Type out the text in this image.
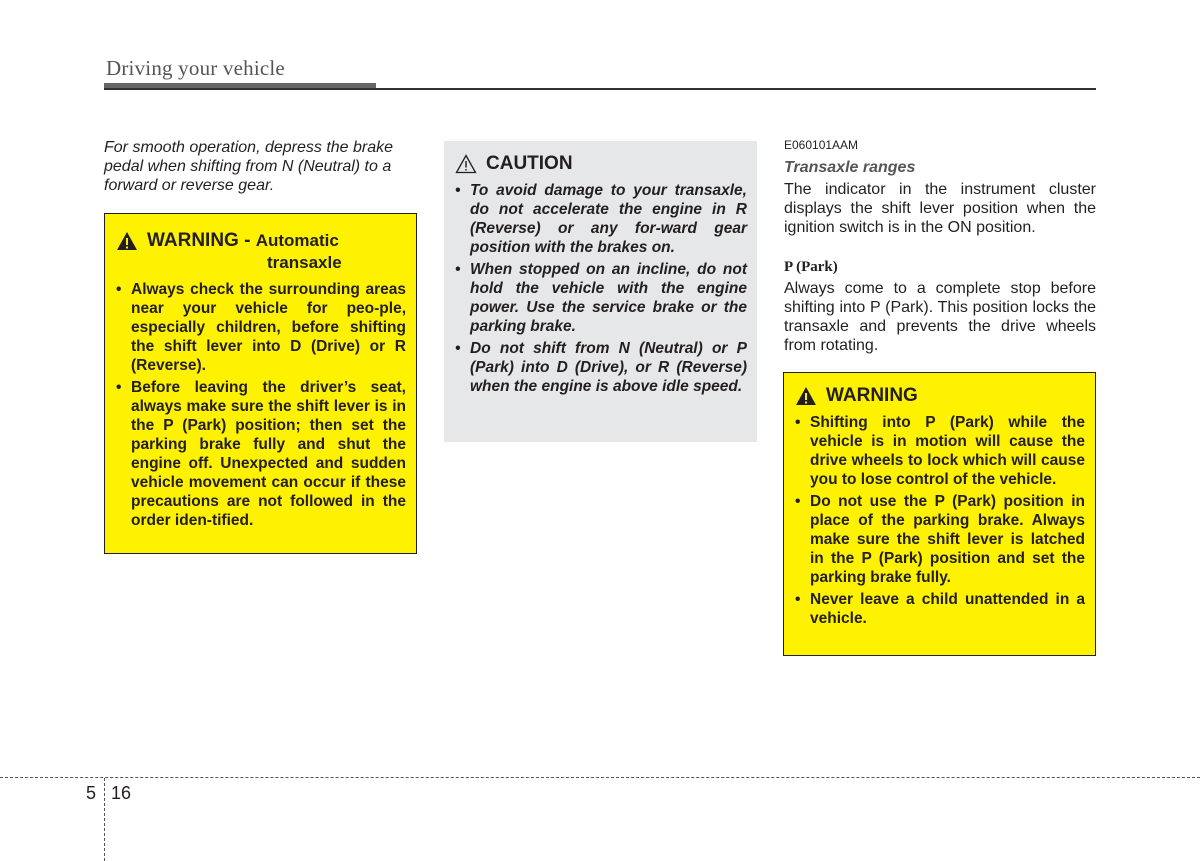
Driving your vehicle

For smooth operation, depress the brake pedal when shifting from N (Neutral) to a forward or reverse gear.

WARNING - Automatic
transaxle
• Always check the surrounding areas near your vehicle for peo-ple, especially children, before shifting the shift lever into D (Drive) or R (Reverse).
• Before leaving the driver’s seat, always make sure the shift lever is in the P (Park) position; then set the parking brake fully and shut the engine off. Unexpected and sudden vehicle movement can occur if these precautions are not followed in the order iden-tified.
CAUTION
• To avoid damage to your transaxle, do not accelerate the engine in R (Reverse) or any for-ward gear position with the brakes on.
• When stopped on an incline, do not hold the vehicle with the engine power. Use the service brake or the parking brake.
• Do not shift from N (Neutral) or P (Park) into D (Drive), or R (Reverse) when the engine is above idle speed.

E060101AAM

Transaxle ranges

The indicator in the instrument cluster displays the shift lever position when the ignition switch is in the ON position.

P (Park)

Always come to a complete stop before shifting into P (Park). This position locks the transaxle and prevents the drive wheels from rotating.

WARNING
• Shifting into P (Park) while the vehicle is in motion will cause the drive wheels to lock which will cause you to lose control of the vehicle.
• Do not use the P (Park) position in place of the parking brake. Always make sure the shift lever is latched in the P (Park) position and set the parking brake fully.
• Never leave a child unattended in a vehicle.
5 16
